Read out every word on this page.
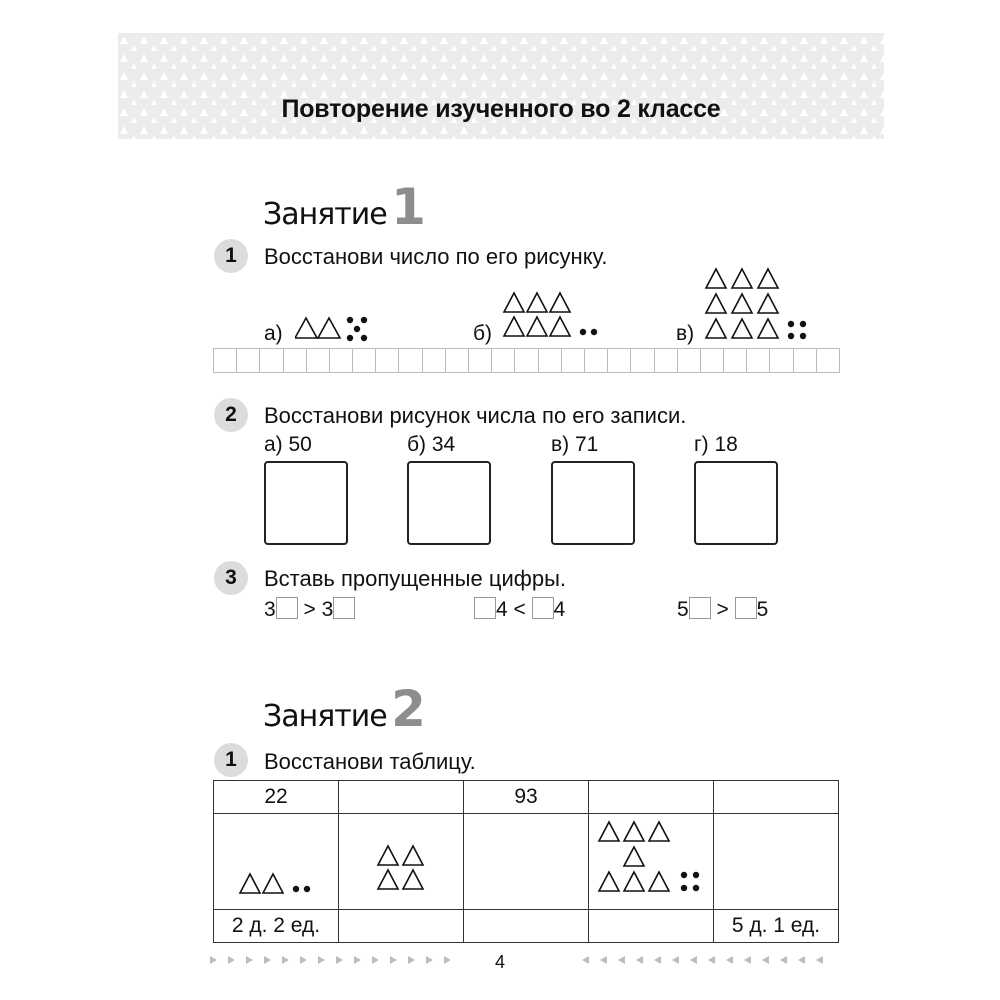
Повторение изученного во 2 классе
Занятие 1
1	Восстанови число по его рисунку.
а)	б)	в)
2	Восстанови рисунок числа по его записи.
а) 50	б) 34	в) 71	г) 18
3	Вставь пропущенные цифры.
3 > 3	4 < 4	5 > 5
Занятие 2
1	Восстанови таблицу.
22		93		

2 д. 2 ед.				5 д. 1 ед.
4
